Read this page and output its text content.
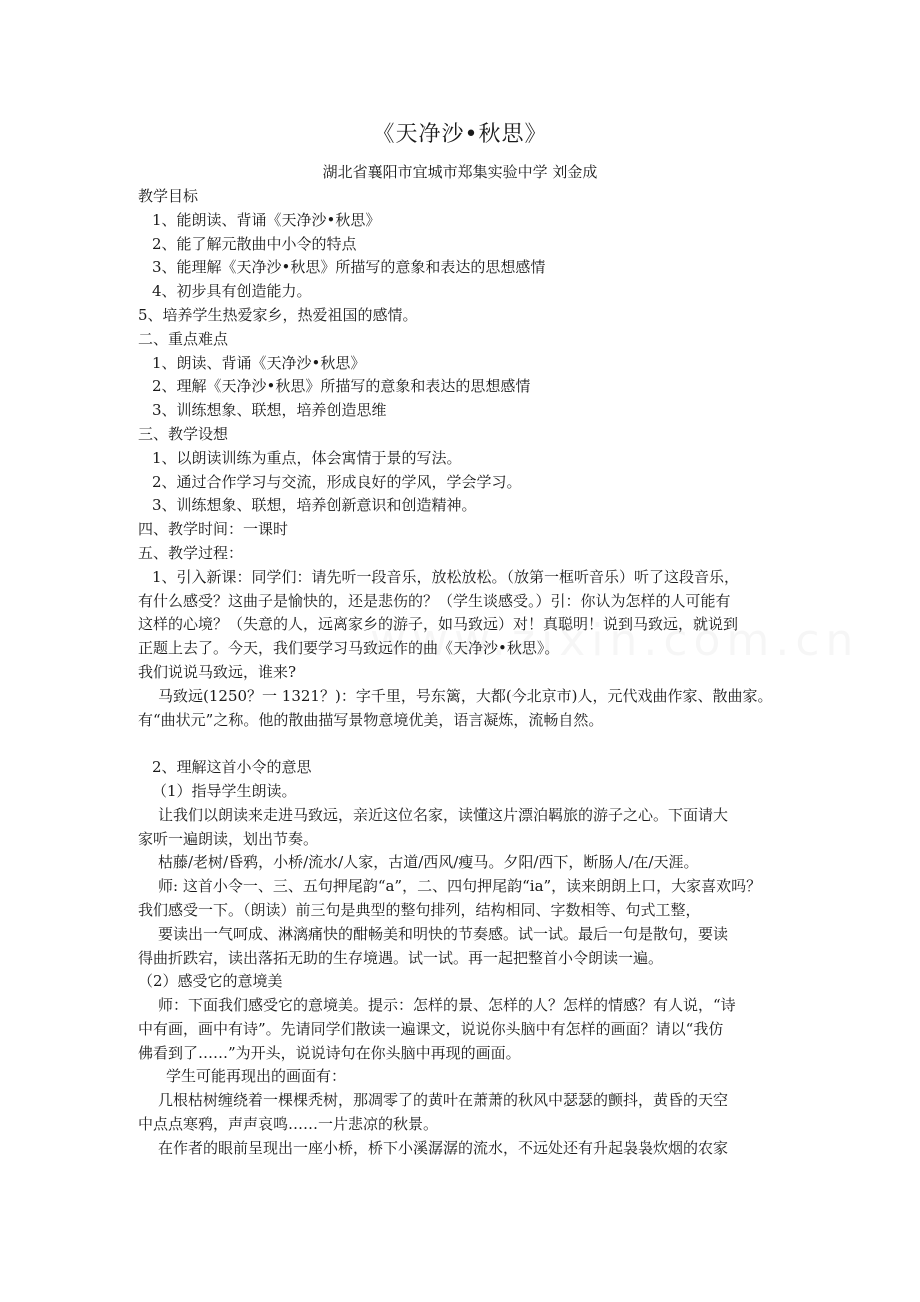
《天净沙•秋思》
湖北省襄阳市宜城市郑集实验中学 刘金成
教学目标
1、能朗读、背诵《天净沙•秋思》
2、能了解元散曲中小令的特点
3、能理解《天净沙•秋思》所描写的意象和表达的思想感情
4、初步具有创造能力。
5、培养学生热爱家乡，热爱祖国的感情。
二、重点难点
1、朗读、背诵《天净沙•秋思》
2、理解《天净沙•秋思》所描写的意象和表达的思想感情
3、训练想象、联想，培养创造思维
三、教学设想
1、以朗读训练为重点，体会寓情于景的写法。
2、通过合作学习与交流，形成良好的学风，学会学习。
3、训练想象、联想，培养创新意识和创造精神。
四、教学时间：一课时
五、教学过程：
1、引入新课：同学们：请先听一段音乐，放松放松。（放第一框听音乐）听了这段音乐，
有什么感受？这曲子是愉快的，还是悲伤的？（学生谈感受。）引：你认为怎样的人可能有
这样的心境？（失意的人，远离家乡的游子，如马致远）对！真聪明！说到马致远，就说到
正题上去了。今天，我们要学习马致远作的曲《天净沙•秋思》。
我们说说马致远，谁来?
马致远(1250？一 1321？)：字千里，号东篱，大都(今北京市)人，元代戏曲作家、散曲家。
有“曲状元”之称。他的散曲描写景物意境优美，语言凝炼，流畅自然。
2、理解这首小令的意思
（1）指导学生朗读。
让我们以朗读来走进马致远，亲近这位名家，读懂这片漂泊羁旅的游子之心。下面请大
家听一遍朗读，划出节奏。
枯藤/老树/昏鸦，小桥/流水/人家，古道/西风/瘦马。夕阳/西下，断肠人/在/天涯。
师: 这首小令一、三、五句押尾韵“a”，二、四句押尾韵“ia”，读来朗朗上口，大家喜欢吗？
我们感受一下。（朗读）前三句是典型的整句排列，结构相同、字数相等、句式工整，
要读出一气呵成、淋漓痛快的酣畅美和明快的节奏感。试一试。最后一句是散句，要读
得曲折跌宕，读出落拓无助的生存境遇。试一试。再一起把整首小令朗读一遍。
（2）感受它的意境美
师：下面我们感受它的意境美。提示：怎样的景、怎样的人？怎样的情感？有人说，“诗
中有画，画中有诗”。先请同学们散读一遍课文，说说你头脑中有怎样的画面？请以“我仿
佛看到了……”为开头，说说诗句在你头脑中再现的画面。
学生可能再现出的画面有：
几根枯树缠绕着一棵棵秃树，那凋零了的黄叶在萧萧的秋风中瑟瑟的颤抖，黄昏的天空
中点点寒鸦，声声哀鸣……一片悲凉的秋景。
在作者的眼前呈现出一座小桥，桥下小溪潺潺的流水，不远处还有升起袅袅炊烟的农家
